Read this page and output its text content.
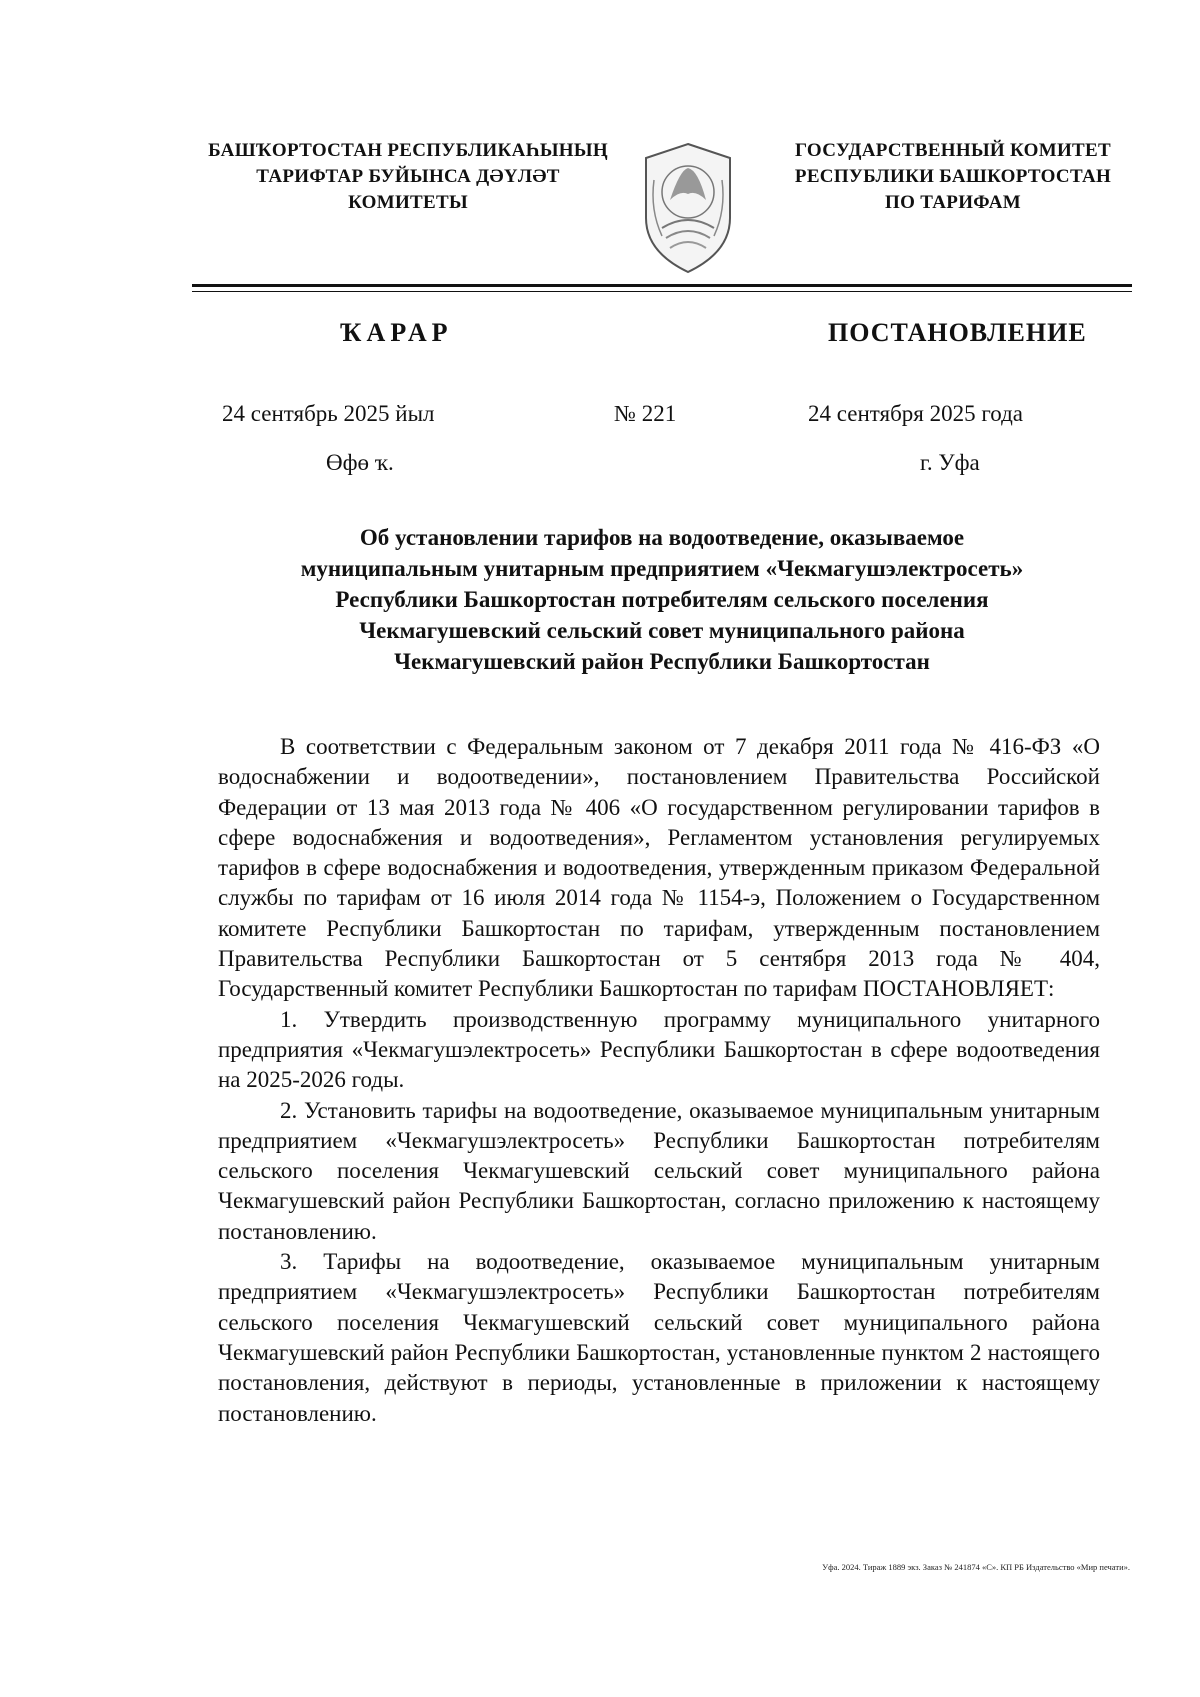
БАШҠОРТОСТАН РЕСПУБЛИКАҺЫНЫҢ
ТАРИФТАР БУЙЫНСА ДӘҮЛӘТ
КОМИТЕТЫ
ГОСУДАРСТВЕННЫЙ КОМИТЕТ
РЕСПУБЛИКИ БАШКОРТОСТАН
ПО ТАРИФАМ
ҠАРАР	ПОСТАНОВЛЕНИЕ
24 сентябрь 2025 йыл	№ 221	24 сентября 2025 года
Өфө ҡ.	г. Уфа
Об установлении тарифов на водоотведение, оказываемое
муниципальным унитарным предприятием «Чекмагушэлектросеть»
Республики Башкортостан потребителям сельского поселения
Чекмагушевский сельский совет муниципального района
Чекмагушевский район Республики Башкортостан

В соответствии с Федеральным законом от 7 декабря 2011 года № 416-ФЗ «О водоснабжении и водоотведении», постановлением Правительства Российской Федерации от 13 мая 2013 года № 406 «О государственном регулировании тарифов в сфере водоснабжения и водоотведения», Регламентом установления регулируемых тарифов в сфере водоснабжения и водоотведения, утвержденным приказом Федеральной службы по тарифам от 16 июля 2014 года № 1154-э, Положением о Государственном комитете Республики Башкортостан по тарифам, утвержденным постановлением Правительства Республики Башкортостан от 5 сентября 2013 года № 404, Государственный комитет Республики Башкортостан по тарифам ПОСТАНОВЛЯЕТ:

1. Утвердить производственную программу муниципального унитарного предприятия «Чекмагушэлектросеть» Республики Башкортостан в сфере водоотведения на 2025-2026 годы.

2. Установить тарифы на водоотведение, оказываемое муниципальным унитарным предприятием «Чекмагушэлектросеть» Республики Башкортостан потребителям сельского поселения Чекмагушевский сельский совет муниципального района Чекмагушевский район Республики Башкортостан, согласно приложению к настоящему постановлению.

3. Тарифы на водоотведение, оказываемое муниципальным унитарным предприятием «Чекмагушэлектросеть» Республики Башкортостан потребителям сельского поселения Чекмагушевский сельский совет муниципального района Чекмагушевский район Республики Башкортостан, установленные пунктом 2 настоящего постановления, действуют в периоды, установленные в приложении к настоящему постановлению.

Уфа. 2024. Тираж 1889 экз. Заказ № 241874 «С». КП РБ Издательство «Мир печати».
